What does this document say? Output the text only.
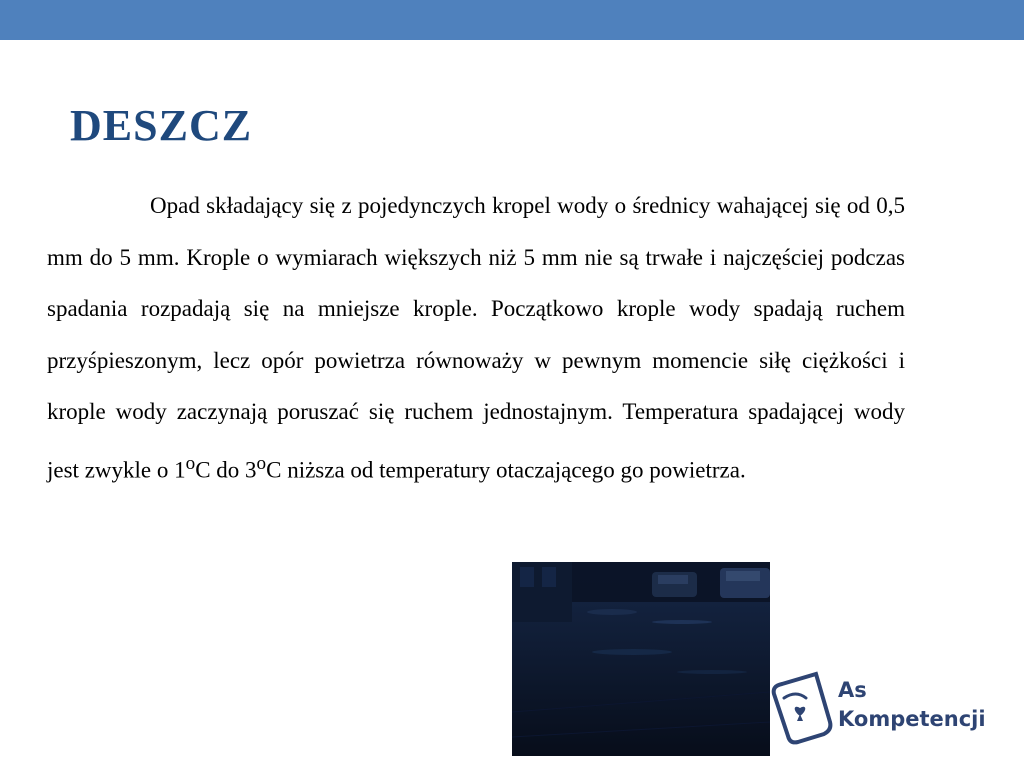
DESZCZ

Opad składający się z pojedynczych kropel wody o średnicy wahającej się od 0,5 mm do 5 mm. Krople o wymiarach większych niż 5 mm nie są trwałe i najczęściej podczas spadania rozpadają się na mniejsze krople. Początkowo krople wody spadają ruchem przyśpieszonym, lecz opór powietrza równoważy w pewnym momencie siłę ciężkości i krople wody zaczynają poruszać się ruchem jednostajnym. Temperatura spadającej wody jest zwykle o 1$^o$C do 3$^o$C niższa od temperatury otaczającego go powietrza.

As
Kompetencji
